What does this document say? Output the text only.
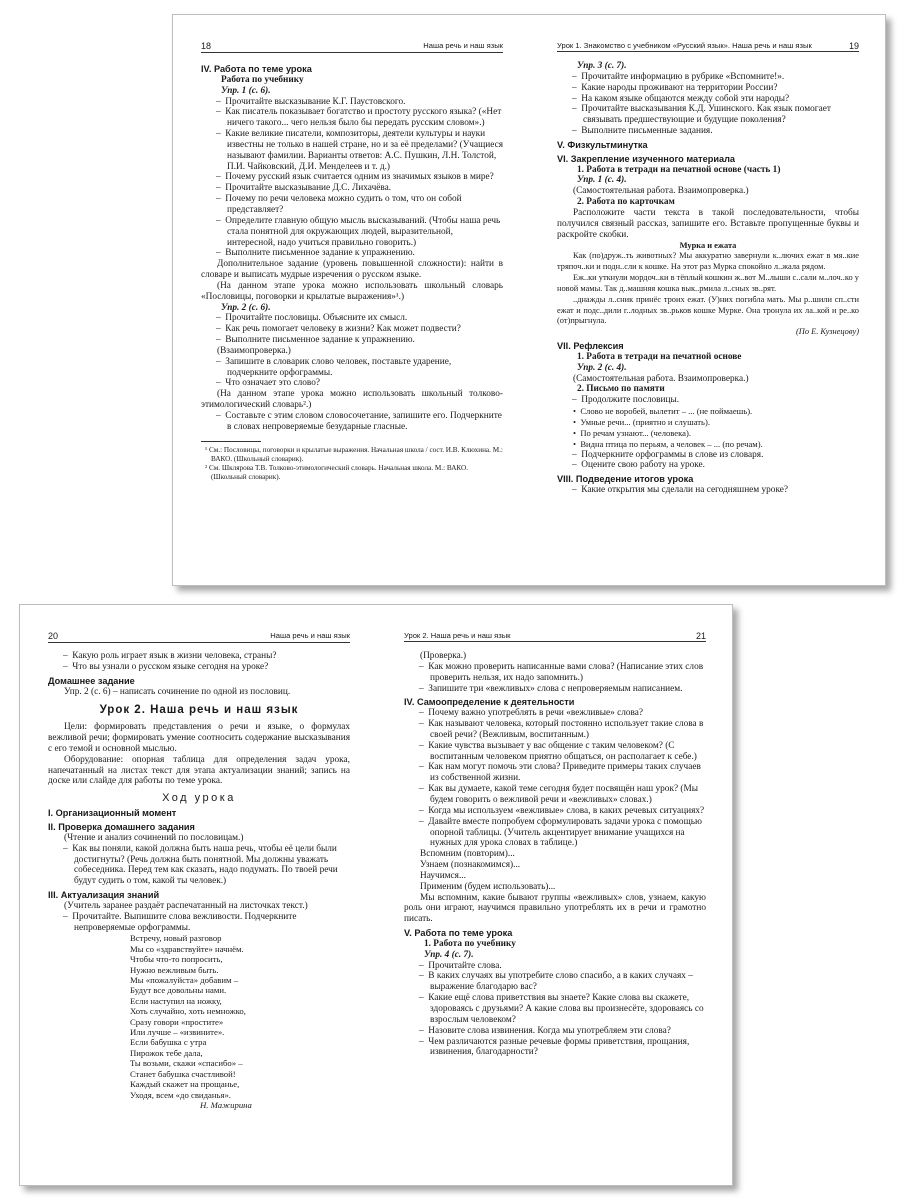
18	Наша речь и наш язык
IV. Работа по теме урока
Работа по учебнику
Упр. 1 (с. 6).
–  Прочитайте высказывание К.Г. Паустовского.
–  Как писатель показывает богатство и простоту русского языка? («Нет ничего такого... чего нельзя было бы передать русским словом».)
–  Какие великие писатели, композиторы, деятели культуры и науки известны не только в нашей стране, но и за её пределами? (Учащиеся называют фамилии. Варианты ответов: А.С. Пушкин, Л.Н. Толстой, П.И. Чайковский, Д.И. Менделеев и т. д.)
–  Почему русский язык считается одним из значимых языков в мире?
–  Прочитайте высказывание Д.С. Лихачёва.
–  Почему по речи человека можно судить о том, что он собой представляет?
–  Определите главную общую мысль высказываний. (Чтобы наша речь стала понятной для окружающих людей, выразительной, интересной, надо учиться правильно говорить.)
–  Выполните письменное задание к упражнению.
Дополнительное задание (уровень повышенной сложности): найти в словаре и выписать мудрые изречения о русском языке.
(На данном этапе урока можно использовать школьный словарь «Пословицы, поговорки и крылатые выражения»¹.)
Упр. 2 (с. 6).
–  Прочитайте пословицы. Объясните их смысл.
–  Как речь помогает человеку в жизни? Как может подвести?
–  Выполните письменное задание к упражнению.
(Взаимопроверка.)
–  Запишите в словарик слово человек, поставьте ударение, подчеркните орфограммы.
–  Что означает это слово?
(На данном этапе урока можно использовать школьный толково-этимологический словарь².)
–  Составьте с этим словом словосочетание, запишите его. Подчеркните в словах непроверяемые безударные гласные.
¹ См.: Пословицы, поговорки и крылатые выражения. Начальная школа / сост. И.В. Клюхина. М.: ВАКО. (Школьный словарик).
² См. Шклярова Т.В. Толково-этимологический словарь. Начальная школа. М.: ВАКО. (Школьный словарик).
Урок 1. Знакомство с учебником «Русский язык». Наша речь и наш язык	19
Упр. 3 (с. 7).
–  Прочитайте информацию в рубрике «Вспомните!».
–  Какие народы проживают на территории России?
–  На каком языке общаются между собой эти народы?
–  Прочитайте высказывания К.Д. Ушинского. Как язык помогает связывать предшествующие и будущие поколения?
–  Выполните письменные задания.
V. Физкультминутка
VI. Закрепление изученного материала
1. Работа в тетради на печатной основе (часть 1)
Упр. 1 (с. 4).
(Самостоятельная работа. Взаимопроверка.)
2. Работа по карточкам
Расположите части текста в такой последовательности, чтобы получился связный рассказ, запишите его. Вставьте пропущенные буквы и раскройте скобки.
Мурка и ежата
Как (по)друж..ть животных? Мы аккуратно завернули к..лючих ежат в мя..кие тряпоч..ки и подн..сли к кошке. На этот раз Мурка спокойно л..жала рядом.
Еж..ки уткнули мордоч..ки в тёплый кошкин ж..вот М..лыши с..сали м..лоч..ко у новой мамы. Так д..машняя кошка вык..рмила л..сных зв..рят.
..днажды л..сник принёс троих ежат. (У)них погибла мать. Мы р..шили сп..сти ежат и подс..дили г..лодных зв..рьков кошке Мурке. Она тронула их ла..кой и ре..ко (от)прыгнула.
(По Е. Кузнецову)
VII. Рефлексия
1. Работа в тетради на печатной основе
Упр. 2 (с. 4).
(Самостоятельная работа. Взаимопроверка.)
2. Письмо по памяти
–  Продолжите пословицы.
•  Слово не воробей, вылетит – ... (не поймаешь).
•  Умные речи... (приятно и слушать).
•  По речам узнают... (человека).
•  Видна птица по перьям, а человек – ... (по речам).
–  Подчеркните орфограммы в слове из словаря.
–  Оцените свою работу на уроке.
VIII. Подведение итогов урока
–  Какие открытия мы сделали на сегодняшнем уроке?
20	Наша речь и наш язык
–  Какую роль играет язык в жизни человека, страны?
–  Что вы узнали о русском языке сегодня на уроке?
Домашнее задание
Упр. 2 (с. 6) – написать сочинение по одной из пословиц.
Урок 2. Наша речь и наш язык
Цели: формировать представления о речи и языке, о формулах вежливой речи; формировать умение соотносить содержание высказывания с его темой и основной мыслью.
Оборудование: опорная таблица для определения задач урока, напечатанный на листах текст для этапа актуализации знаний; запись на доске или слайде для работы по теме урока.
Ход урока
I. Организационный момент
II. Проверка домашнего задания
(Чтение и анализ сочинений по пословицам.)
–  Как вы поняли, какой должна быть наша речь, чтобы её цели были достигнуты? (Речь должна быть понятной. Мы должны уважать собеседника. Перед тем как сказать, надо подумать. По твоей речи будут судить о том, какой ты человек.)
III. Актуализация знаний
(Учитель заранее раздаёт распечатанный на листочках текст.)
–  Прочитайте. Выпишите слова вежливости. Подчеркните непроверяемые орфограммы.
Встречу, новый разговор
Мы со «здравствуйте» начнём.
Чтобы что-то попросить,
Нужно вежливым быть.
Мы «пожалуйста» добавим –
Будут все довольны нами.
Если наступил на ножку,
Хоть случайно, хоть немножко,
Сразу говори «простите»
Или лучше – «извините».
Если бабушка с утра
Пирожок тебе дала,
Ты возьми, скажи «спасибо» –
Станет бабушка счастливой!
Каждый скажет на прощанье,
Уходя, всем «до свиданья».
Н. Мажирина
Урок 2. Наша речь и наш язык	21
(Проверка.)
–  Как можно проверить написанные вами слова? (Написание этих слов проверить нельзя, их надо запомнить.)
–  Запишите три «вежливых» слова с непроверяемым написанием.
IV. Самоопределение к деятельности
–  Почему важно употреблять в речи «вежливые» слова?
–  Как называют человека, который постоянно использует такие слова в своей речи? (Вежливым, воспитанным.)
–  Какие чувства вызывает у вас общение с таким человеком? (С воспитанным человеком приятно общаться, он располагает к себе.)
–  Как нам могут помочь эти слова? Приведите примеры таких случаев из собственной жизни.
–  Как вы думаете, какой теме сегодня будет посвящён наш урок? (Мы будем говорить о вежливой речи и «вежливых» словах.)
–  Когда мы используем «вежливые» слова, в каких речевых ситуациях?
–  Давайте вместе попробуем сформулировать задачи урока с помощью опорной таблицы. (Учитель акцентирует внимание учащихся на нужных для урока словах в таблице.)
Вспомним (повторим)...
Узнаем (познакомимся)...
Научимся...
Применим (будем использовать)...
Мы вспомним, какие бывают группы «вежливых» слов, узнаем, какую роль они играют, научимся правильно употреблять их в речи и грамотно писать.
V. Работа по теме урока
1. Работа по учебнику
Упр. 4 (с. 7).
–  Прочитайте слова.
–  В каких случаях вы употребите слово спасибо, а в каких случаях – выражение благодарю вас?
–  Какие ещё слова приветствия вы знаете? Какие слова вы скажете, здороваясь с друзьями? А какие слова вы произнесёте, здороваясь со взрослым человеком?
–  Назовите слова извинения. Когда мы употребляем эти слова?
–  Чем различаются разные речевые формы приветствия, прощания, извинения, благодарности?
